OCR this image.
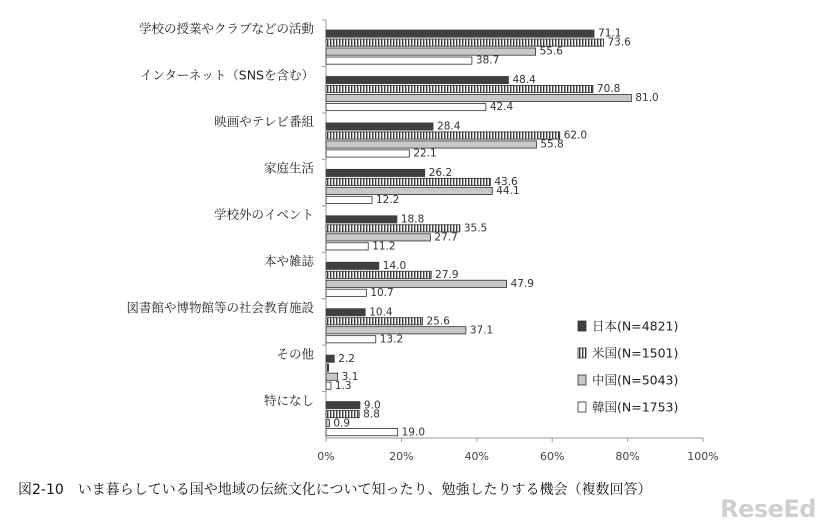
0%	20%	40%	60%	80%	100%
学校の授業やクラブなどの活動
インターネット（SNSを含む）
映画やテレビ番組
家庭生活
学校外のイベント
本や雑誌
図書館や博物館等の社会教育施設
その他
特になし
71.1
73.6
55.6
38.7
48.4
70.8
81.0
42.4
28.4
62.0
55.8
22.1
26.2
43.6
44.1
12.2
18.8
35.5
27.7
11.2
14.0
27.9
47.9
10.7
10.4
25.6
37.1
13.2
2.2
3.1
1.3
9.0
8.8
0.9
19.0
日本(N=4821)
米国(N=1501)
中国(N=5043)
韓国(N=1753)
図2-10　いま暮らしている国や地域の伝統文化について知ったり、勉強したりする機会（複数回答）
ReseEd
